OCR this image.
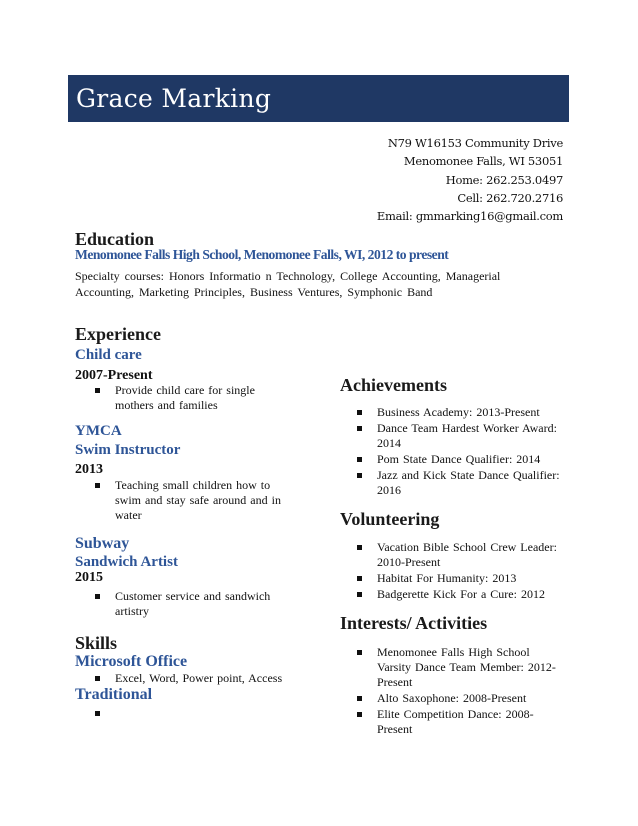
Grace Marking
N79 W16153 Community Drive
Menomonee Falls, WI 53051
Home: 262.253.0497
Cell: 262.720.2716
Email: gmmarking16@gmail.com
Education
Menomonee Falls High School, Menomonee Falls, WI, 2012 to present
Specialty courses: Honors Informatio n Technology, College Accounting, Managerial
Accounting, Marketing Principles, Business Ventures, Symphonic Band
Experience
Child care
2007-Present
Provide child care for single mothers and families
YMCA
Swim Instructor
2013
Teaching small children how to swim and stay safe around and in water
Subway
Sandwich Artist
2015
Customer service and sandwich artistry
Skills
Microsoft Office
Excel, Word, Power point, Access
Traditional
Achievements
Business Academy: 2013-Present
Dance Team Hardest Worker Award: 2014
Pom State Dance Qualifier: 2014
Jazz and Kick State Dance Qualifier: 2016
Volunteering
Vacation Bible School Crew Leader: 2010-Present
Habitat For Humanity: 2013
Badgerette Kick For a Cure: 2012
Interests/ Activities
Menomonee Falls High School Varsity Dance Team Member: 2012-Present
Alto Saxophone: 2008-Present
Elite Competition Dance: 2008-Present
